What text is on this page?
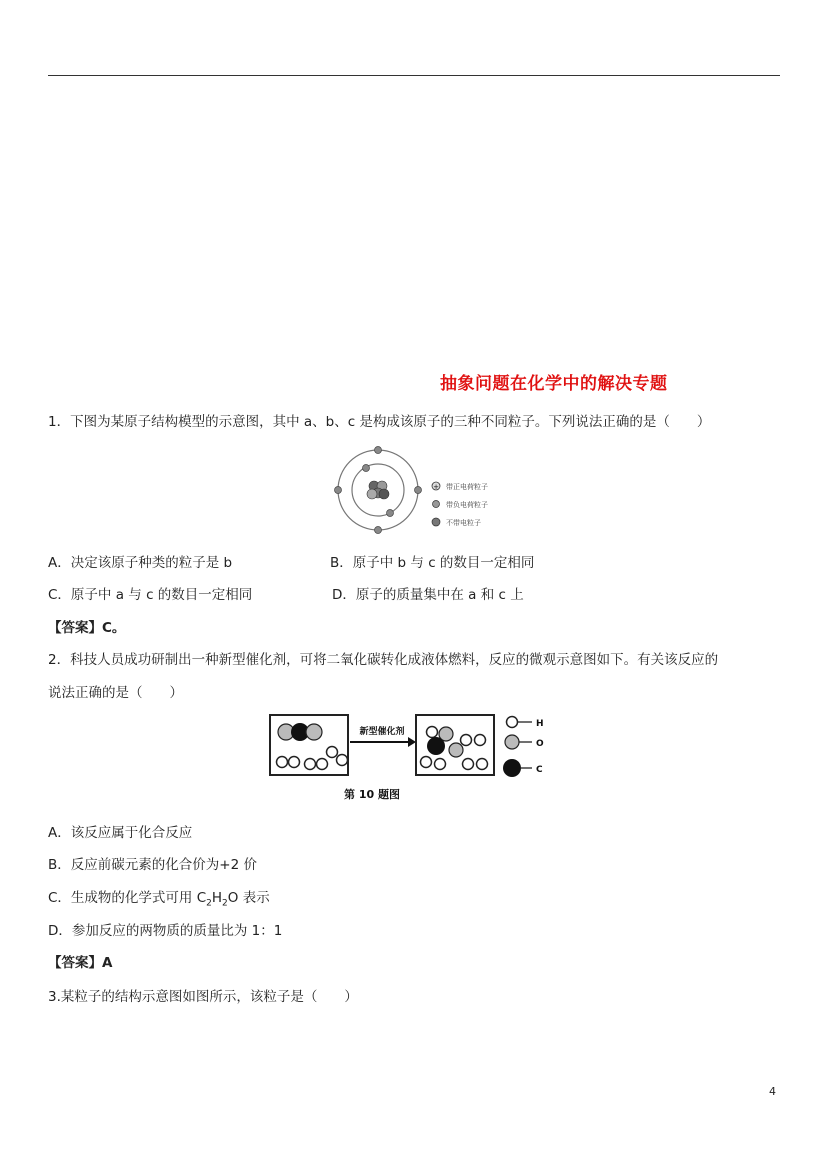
抽象问题在化学中的解决专题
1．下图为某原子结构模型的示意图，其中 a、b、c 是构成该原子的三种不同粒子。下列说法正确的是（　　）
+ 带正电荷粒子
带负电荷粒子
不带电粒子
A．决定该原子种类的粒子是 b	B．原子中 b 与 c 的数目一定相同
C．原子中 a 与 c 的数目一定相同	D．原子的质量集中在 a 和 c 上
【答案】C。
2．科技人员成功研制出一种新型催化剂，可将二氧化碳转化成液体燃料，反应的微观示意图如下。有关该反应的
说法正确的是（　　）
新型催化剂
H
O
C
第 10 题图
A．该反应属于化合反应
B．反应前碳元素的化合价为+2 价
C．生成物的化学式可用 $C_2H_2O$ 表示
D．参加反应的两物质的质量比为 1：1
【答案】A
3.某粒子的结构示意图如图所示，该粒子是（　　）
4
